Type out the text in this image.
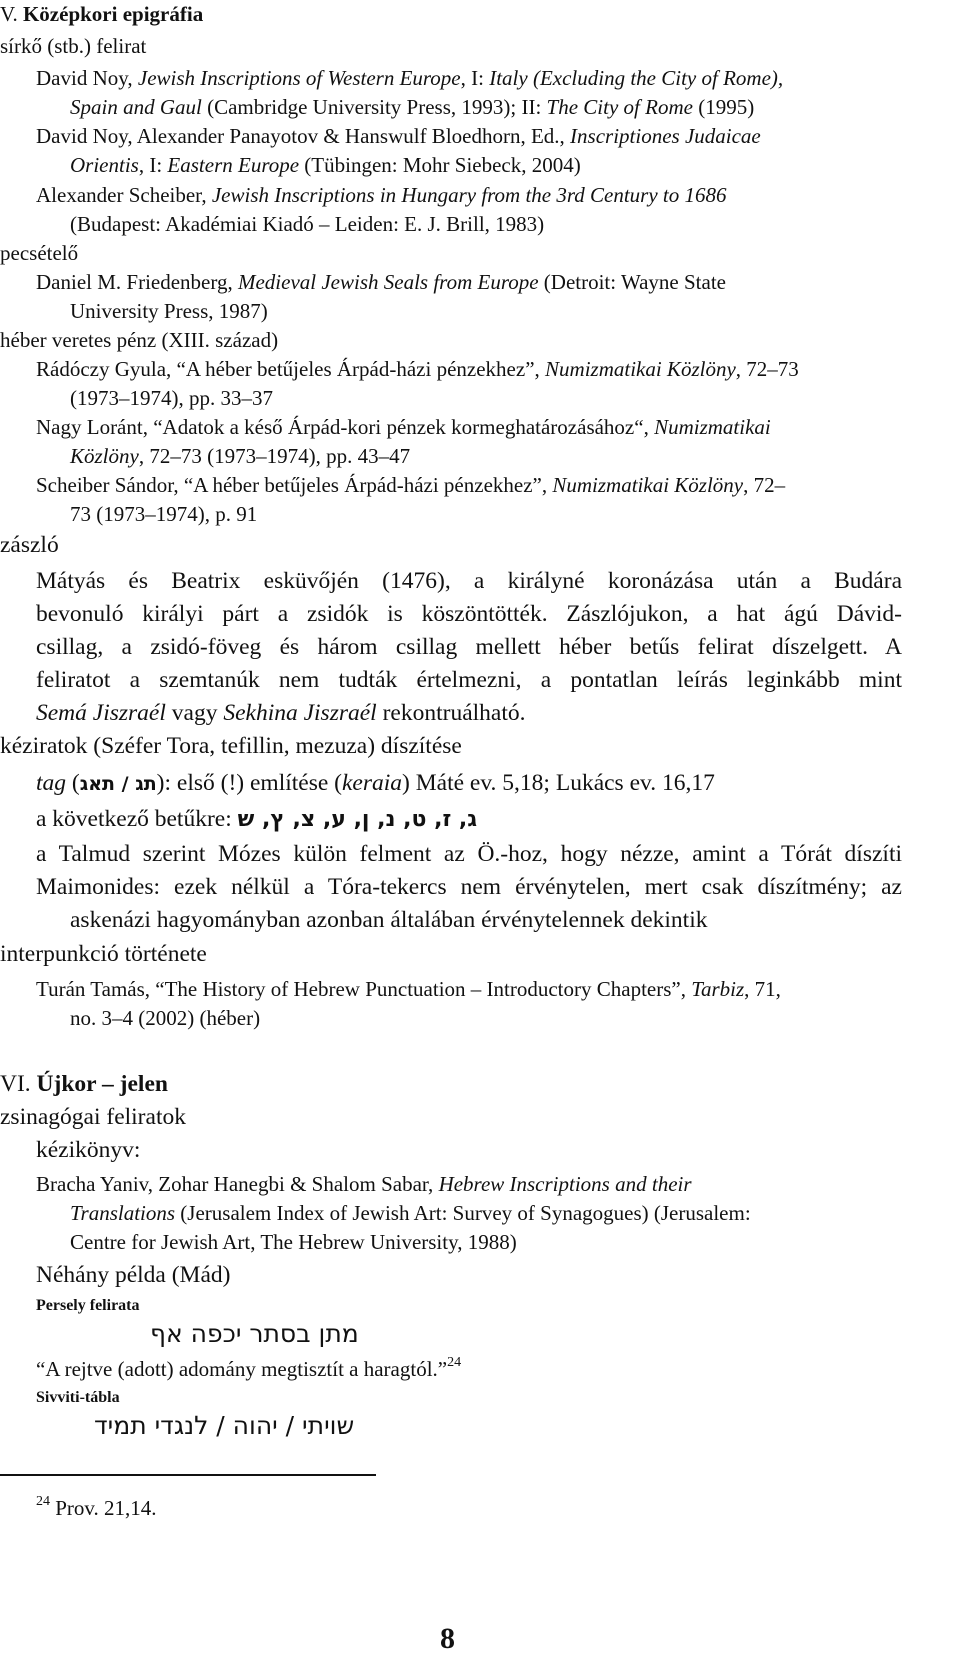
V. Középkori epigráfia
sírkő (stb.) felirat
David Noy, Jewish Inscriptions of Western Europe, I: Italy (Excluding the City of Rome),
Spain and Gaul (Cambridge University Press, 1993); II: The City of Rome (1995)
David Noy, Alexander Panayotov & Hanswulf Bloedhorn, Ed., Inscriptiones Judaicae
Orientis, I: Eastern Europe (Tübingen: Mohr Siebeck, 2004)
Alexander Scheiber, Jewish Inscriptions in Hungary from the 3rd Century to 1686
(Budapest: Akadémiai Kiadó – Leiden: E. J. Brill, 1983)
pecsételő
Daniel M. Friedenberg, Medieval Jewish Seals from Europe (Detroit: Wayne State
University Press, 1987)
héber veretes pénz (XIII. század)
Rádóczy Gyula, “A héber betűjeles Árpád-házi pénzekhez”, Numizmatikai Közlöny, 72–73
(1973–1974), pp. 33–37
Nagy Loránt, “Adatok a késő Árpád-kori pénzek kormeghatározásához“, Numizmatikai
Közlöny, 72–73 (1973–1974), pp. 43–47
Scheiber Sándor, “A héber betűjeles Árpád-házi pénzekhez”, Numizmatikai Közlöny, 72–
73 (1973–1974), p. 91
zászló
Mátyás és Beatrix esküvőjén (1476), a királyné koronázása után a Budára
bevonuló királyi párt a zsidók is köszöntötték. Zászlójukon, a hat ágú Dávid-
csillag, a zsidó-föveg és három csillag mellett héber betűs felirat díszelgett. A
feliratot a szemtanúk nem tudták értelmezni, a pontatlan leírás leginkább mint
Semá Jiszraél vagy Sekhina Jiszraél rekontruálható.
kéziratok (Széfer Tora, tefillin, mezuza) díszítése
tag (תג / תאג): első (!) említése (keraia) Máté ev. 5,18; Lukács ev. 16,17
a következő betűkre: ג, ז, ט, נ, ן, ע, צ, ץ, ש
a Talmud szerint Mózes külön felment az Ö.-hoz, hogy nézze, amint a Tórát díszíti
Maimonides: ezek nélkül a Tóra-tekercs nem érvénytelen, mert csak díszítmény; az
askenázi hagyományban azonban általában érvénytelennek dekintik
interpunkció története
Turán Tamás, “The History of Hebrew Punctuation – Introductory Chapters”, Tarbiz, 71,
no. 3–4 (2002) (héber)
VI. Újkor – jelen
zsinagógai feliratok
kézikönyv:
Bracha Yaniv, Zohar Hanegbi & Shalom Sabar, Hebrew Inscriptions and their
Translations (Jerusalem Index of Jewish Art: Survey of Synagogues) (Jerusalem:
Centre for Jewish Art, The Hebrew University, 1988)
Néhány példa (Mád)
Persely felirata
מתן בסתר יכפה אף
“A rejtve (adott) adomány megtisztít a haragtól.”$^{24}$
Sivviti-tábla
שויתי / יהוה / לנגדי תמיד
$^{24}$ Prov. 21,14.
8
